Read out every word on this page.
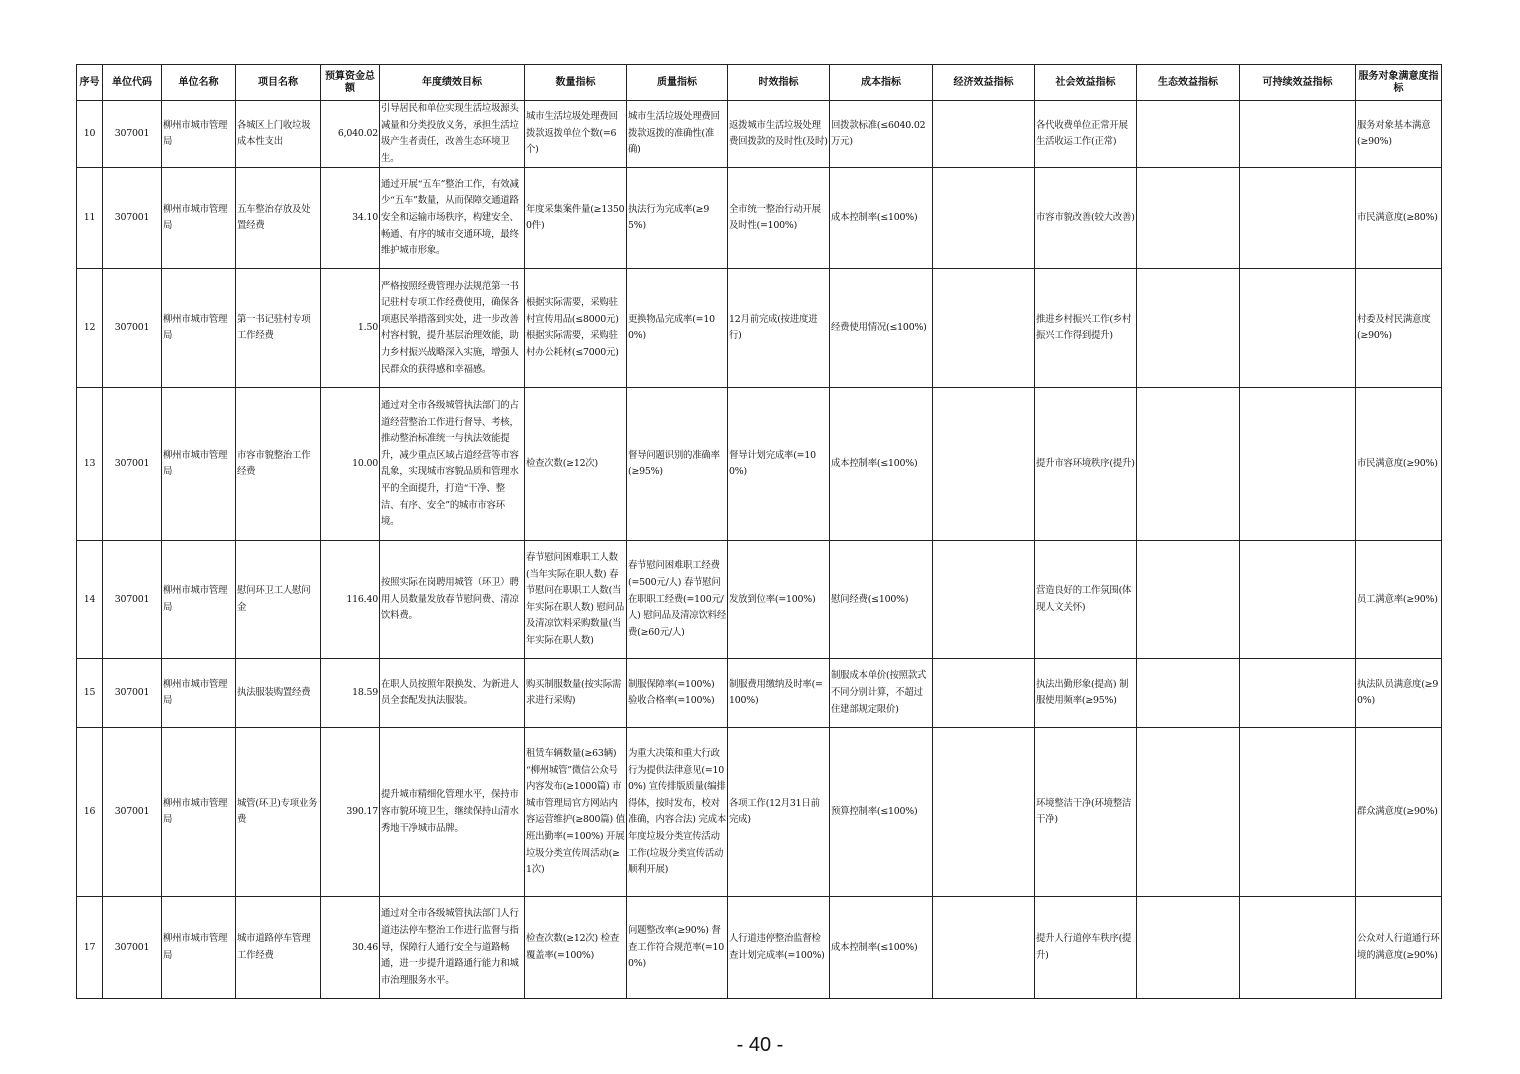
序号	单位代码	单位名称	项目名称	预算资金总额	年度绩效目标	数量指标	质量指标	时效指标	成本指标	经济效益指标	社会效益指标	生态效益指标	可持续效益指标	服务对象满意度指标
10	307001	柳州市城市管理局	各城区上门收垃圾成本性支出	6,040.02	引导居民和单位实现生活垃圾源头减量和分类投放义务，承担生活垃圾产生者责任，改善生态环境卫生。	城市生活垃圾处理费回拨款返拨单位个数(=6个)	城市生活垃圾处理费回拨款返拨的准确性(准确)	返拨城市生活垃圾处理费回拨款的及时性(及时)	回拨款标准(≤6040.02万元)		各代收费单位正常开展生活收运工作(正常)			服务对象基本满意(≥90%)
11	307001	柳州市城市管理局	五车整治存放及处置经费	34.10	通过开展“五车”整治工作，有效减少“五车”数量，从而保障交通道路安全和运输市场秩序，构建安全、畅通、有序的城市交通环境，最终维护城市形象。	年度采集案件量(≥13500件)	执法行为完成率(≥95%)	全市统一整治行动开展及时性(=100%)	成本控制率(≤100%)		市容市貌改善(较大改善)			市民满意度(≥80%)
12	307001	柳州市城市管理局	第一书记驻村专项工作经费	1.50	严格按照经费管理办法规范第一书记驻村专项工作经费使用，确保各项惠民举措落到实处，进一步改善村容村貌，提升基层治理效能，助力乡村振兴战略深入实施，增强人民群众的获得感和幸福感。	根据实际需要，采购驻村宣传用品(≤8000元) 根据实际需要，采购驻村办公耗材(≤7000元)	更换物品完成率(=100%)	12月前完成(按进度进行)	经费使用情况(≤100%)		推进乡村振兴工作(乡村振兴工作得到提升)			村委及村民满意度(≥90%)
13	307001	柳州市城市管理局	市容市貌整治工作经费	10.00	通过对全市各级城管执法部门的占道经营整治工作进行督导、考核，推动整治标准统一与执法效能提升，减少重点区域占道经营等市容乱象，实现城市容貌品质和管理水平的全面提升，打造“干净、整洁、有序、安全”的城市市容环境。	检查次数(≥12次)	督导问题识别的准确率(≥95%)	督导计划完成率(=100%)	成本控制率(≤100%)		提升市容环境秩序(提升)			市民满意度(≥90%)
14	307001	柳州市城市管理局	慰问环卫工人慰问金	116.40	按照实际在岗聘用城管（环卫）聘用人员数量发放春节慰问费、清凉饮料费。	春节慰问困难职工人数(当年实际在职人数) 春节慰问在职职工人数(当年实际在职人数) 慰问品及清凉饮料采购数量(当年实际在职人数)	春节慰问困难职工经费(=500元/人) 春节慰问在职职工经费(=100元/人) 慰问品及清凉饮料经费(≥60元/人)	发放到位率(=100%)	慰问经费(≤100%)		营造良好的工作氛围(体现人文关怀)			员工满意率(≥90%)
15	307001	柳州市城市管理局	执法服装购置经费	18.59	在职人员按照年限换发、为新进人员全套配发执法服装。	购买制服数量(按实际需求进行采购)	制服保障率(=100%) 验收合格率(=100%)	制服费用缴纳及时率(=100%)	制服成本单价(按照款式不同分别计算，不超过住建部规定限价)		执法出勤形象(提高) 制服使用频率(≥95%)			执法队员满意度(≥90%)
16	307001	柳州市城市管理局	城管(环卫)专项业务费	390.17	提升城市精细化管理水平，保持市容市貌环境卫生，继续保持山清水秀地干净城市品牌。	租赁车辆数量(≥63辆) “柳州城管”微信公众号内容发布(≥1000篇) 市城市管理局官方网站内容运营维护(≥800篇) 值班出勤率(=100%) 开展垃圾分类宣传周活动(≥1次)	为重大决策和重大行政行为提供法律意见(=100%) 宣传排版质量(编排得体，按时发布，校对准确，内容合法) 完成本年度垃圾分类宣传活动工作(垃圾分类宣传活动顺利开展)	各项工作(12月31日前完成)	预算控制率(≤100%)		环境整洁干净(环境整洁干净)			群众满意度(≥90%)
17	307001	柳州市城市管理局	城市道路停车管理工作经费	30.46	通过对全市各级城管执法部门人行道违法停车整治工作进行监督与指导，保障行人通行安全与道路畅通，进一步提升道路通行能力和城市治理服务水平。	检查次数(≥12次) 检查覆盖率(=100%)	问题整改率(≥90%) 督查工作符合规范率(=100%)	人行道违停整治监督检查计划完成率(=100%)	成本控制率(≤100%)		提升人行道停车秩序(提升)			公众对人行道通行环境的满意度(≥90%)
- 40 -
